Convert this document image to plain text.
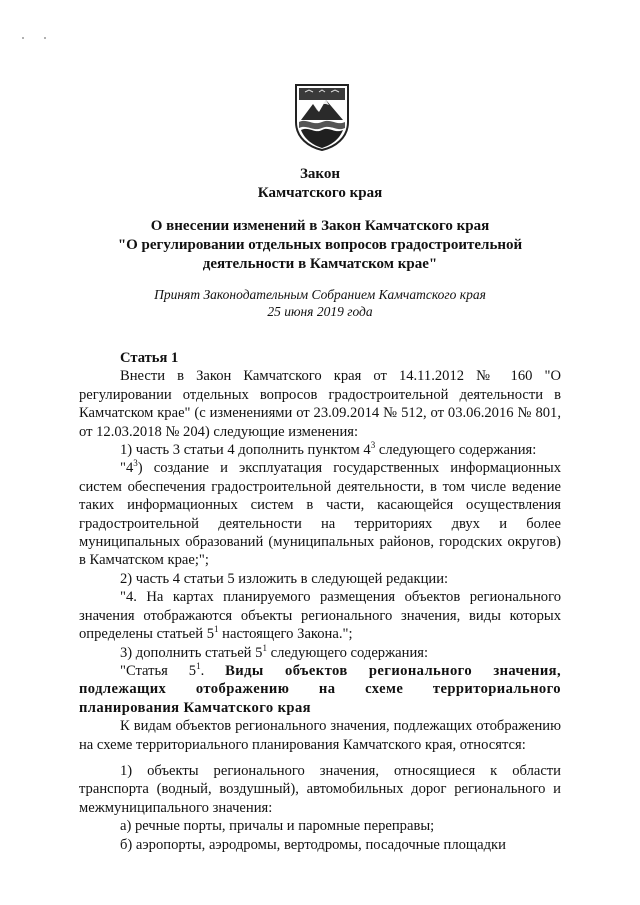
Закон
Камчатского края
О внесении изменений в Закон Камчатского края
"О регулировании отдельных вопросов градостроительной
деятельности в Камчатском крае"
Принят Законодательным Собранием Камчатского края
25 июня 2019 года

Статья 1

Внести в Закон Камчатского края от 14.11.2012 № 160 "О регулировании отдельных вопросов градостроительной деятельности в Камчатском крае" (с изменениями от 23.09.2014 № 512, от 03.06.2016 № 801, от 12.03.2018 № 204) следующие изменения:

1) часть 3 статьи 4 дополнить пунктом $4^3$ следующего содержания:

"$4^3$) создание и эксплуатация государственных информационных систем обеспечения градостроительной деятельности, в том числе ведение таких информационных систем в части, касающейся осуществления градостроительной деятельности на территориях двух и более муниципальных образований (муниципальных районов, городских округов) в Камчатском крае;";

2) часть 4 статьи 5 изложить в следующей редакции:

"4. На картах планируемого размещения объектов регионального значения отображаются объекты регионального значения, виды которых определены статьей $5^1$ настоящего Закона.";

3) дополнить статьей $5^1$ следующего содержания:

"Статья $5^1$. Виды объектов регионального значения, подлежащих отображению на схеме территориального планирования Камчатского края

К видам объектов регионального значения, подлежащих отображению на схеме территориального планирования Камчатского края, относятся:

1) объекты регионального значения, относящиеся к области транспорта (водный, воздушный), автомобильных дорог регионального и межмуниципального значения:

а) речные порты, причалы и паромные переправы;

б) аэропорты, аэродромы, вертодромы, посадочные площадки
